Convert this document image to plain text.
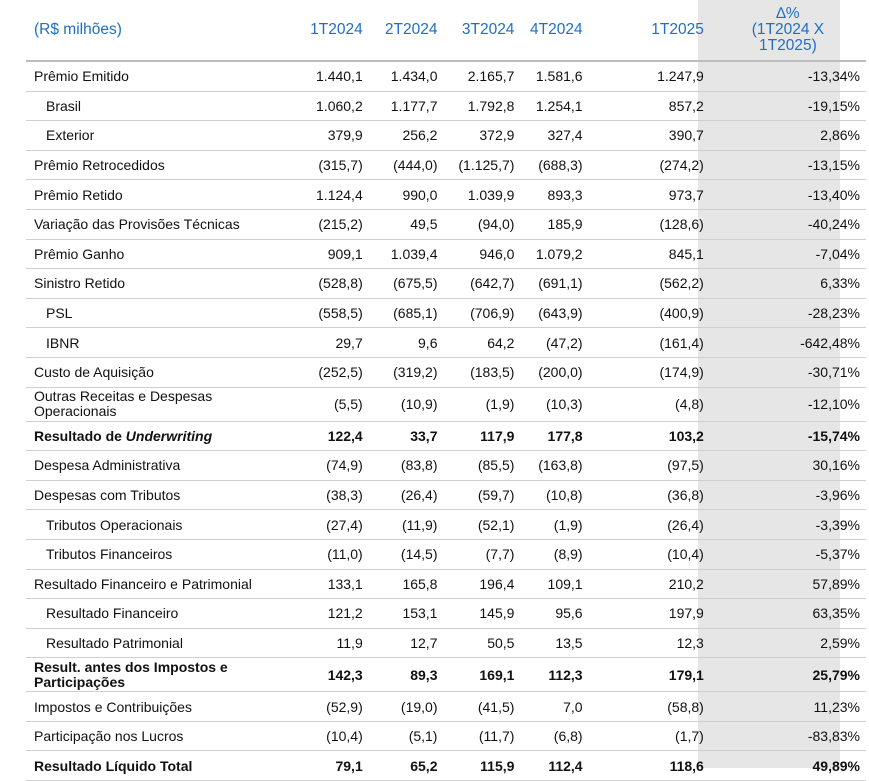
(R$ milhões)	1T2024	2T2024	3T2024	4T2024		1T2025	∆%
(1T2024 X
1T2025)

Prêmio Emitido	1.440,1	1.434,0	2.165,7	1.581,6		1.247,9	-13,34%
Brasil	1.060,2	1.177,7	1.792,8	1.254,1		857,2	-19,15%
Exterior	379,9	256,2	372,9	327,4		390,7	2,86%
Prêmio Retrocedidos	(315,7)	(444,0)	(1.125,7)	(688,3)		(274,2)	-13,15%
Prêmio Retido	1.124,4	990,0	1.039,9	893,3		973,7	-13,40%
Variação das Provisões Técnicas	(215,2)	49,5	(94,0)	185,9		(128,6)	-40,24%
Prêmio Ganho	909,1	1.039,4	946,0	1.079,2		845,1	-7,04%
Sinistro Retido	(528,8)	(675,5)	(642,7)	(691,1)		(562,2)	6,33%
PSL	(558,5)	(685,1)	(706,9)	(643,9)		(400,9)	-28,23%
IBNR	29,7	9,6	64,2	(47,2)		(161,4)	-642,48%
Custo de Aquisição	(252,5)	(319,2)	(183,5)	(200,0)		(174,9)	-30,71%
Outras Receitas e Despesas Operacionais	(5,5)	(10,9)	(1,9)	(10,3)		(4,8)	-12,10%
Resultado de Underwriting	122,4	33,7	117,9	177,8		103,2	-15,74%
Despesa Administrativa	(74,9)	(83,8)	(85,5)	(163,8)		(97,5)	30,16%
Despesas com Tributos	(38,3)	(26,4)	(59,7)	(10,8)		(36,8)	-3,96%
Tributos Operacionais	(27,4)	(11,9)	(52,1)	(1,9)		(26,4)	-3,39%
Tributos Financeiros	(11,0)	(14,5)	(7,7)	(8,9)		(10,4)	-5,37%
Resultado Financeiro e Patrimonial	133,1	165,8	196,4	109,1		210,2	57,89%
Resultado Financeiro	121,2	153,1	145,9	95,6		197,9	63,35%
Resultado Patrimonial	11,9	12,7	50,5	13,5		12,3	2,59%
Result. antes dos Impostos e Participações	142,3	89,3	169,1	112,3		179,1	25,79%
Impostos e Contribuições	(52,9)	(19,0)	(41,5)	7,0		(58,8)	11,23%
Participação nos Lucros	(10,4)	(5,1)	(11,7)	(6,8)		(1,7)	-83,83%
Resultado Líquido Total	79,1	65,2	115,9	112,4		118,6	49,89%
